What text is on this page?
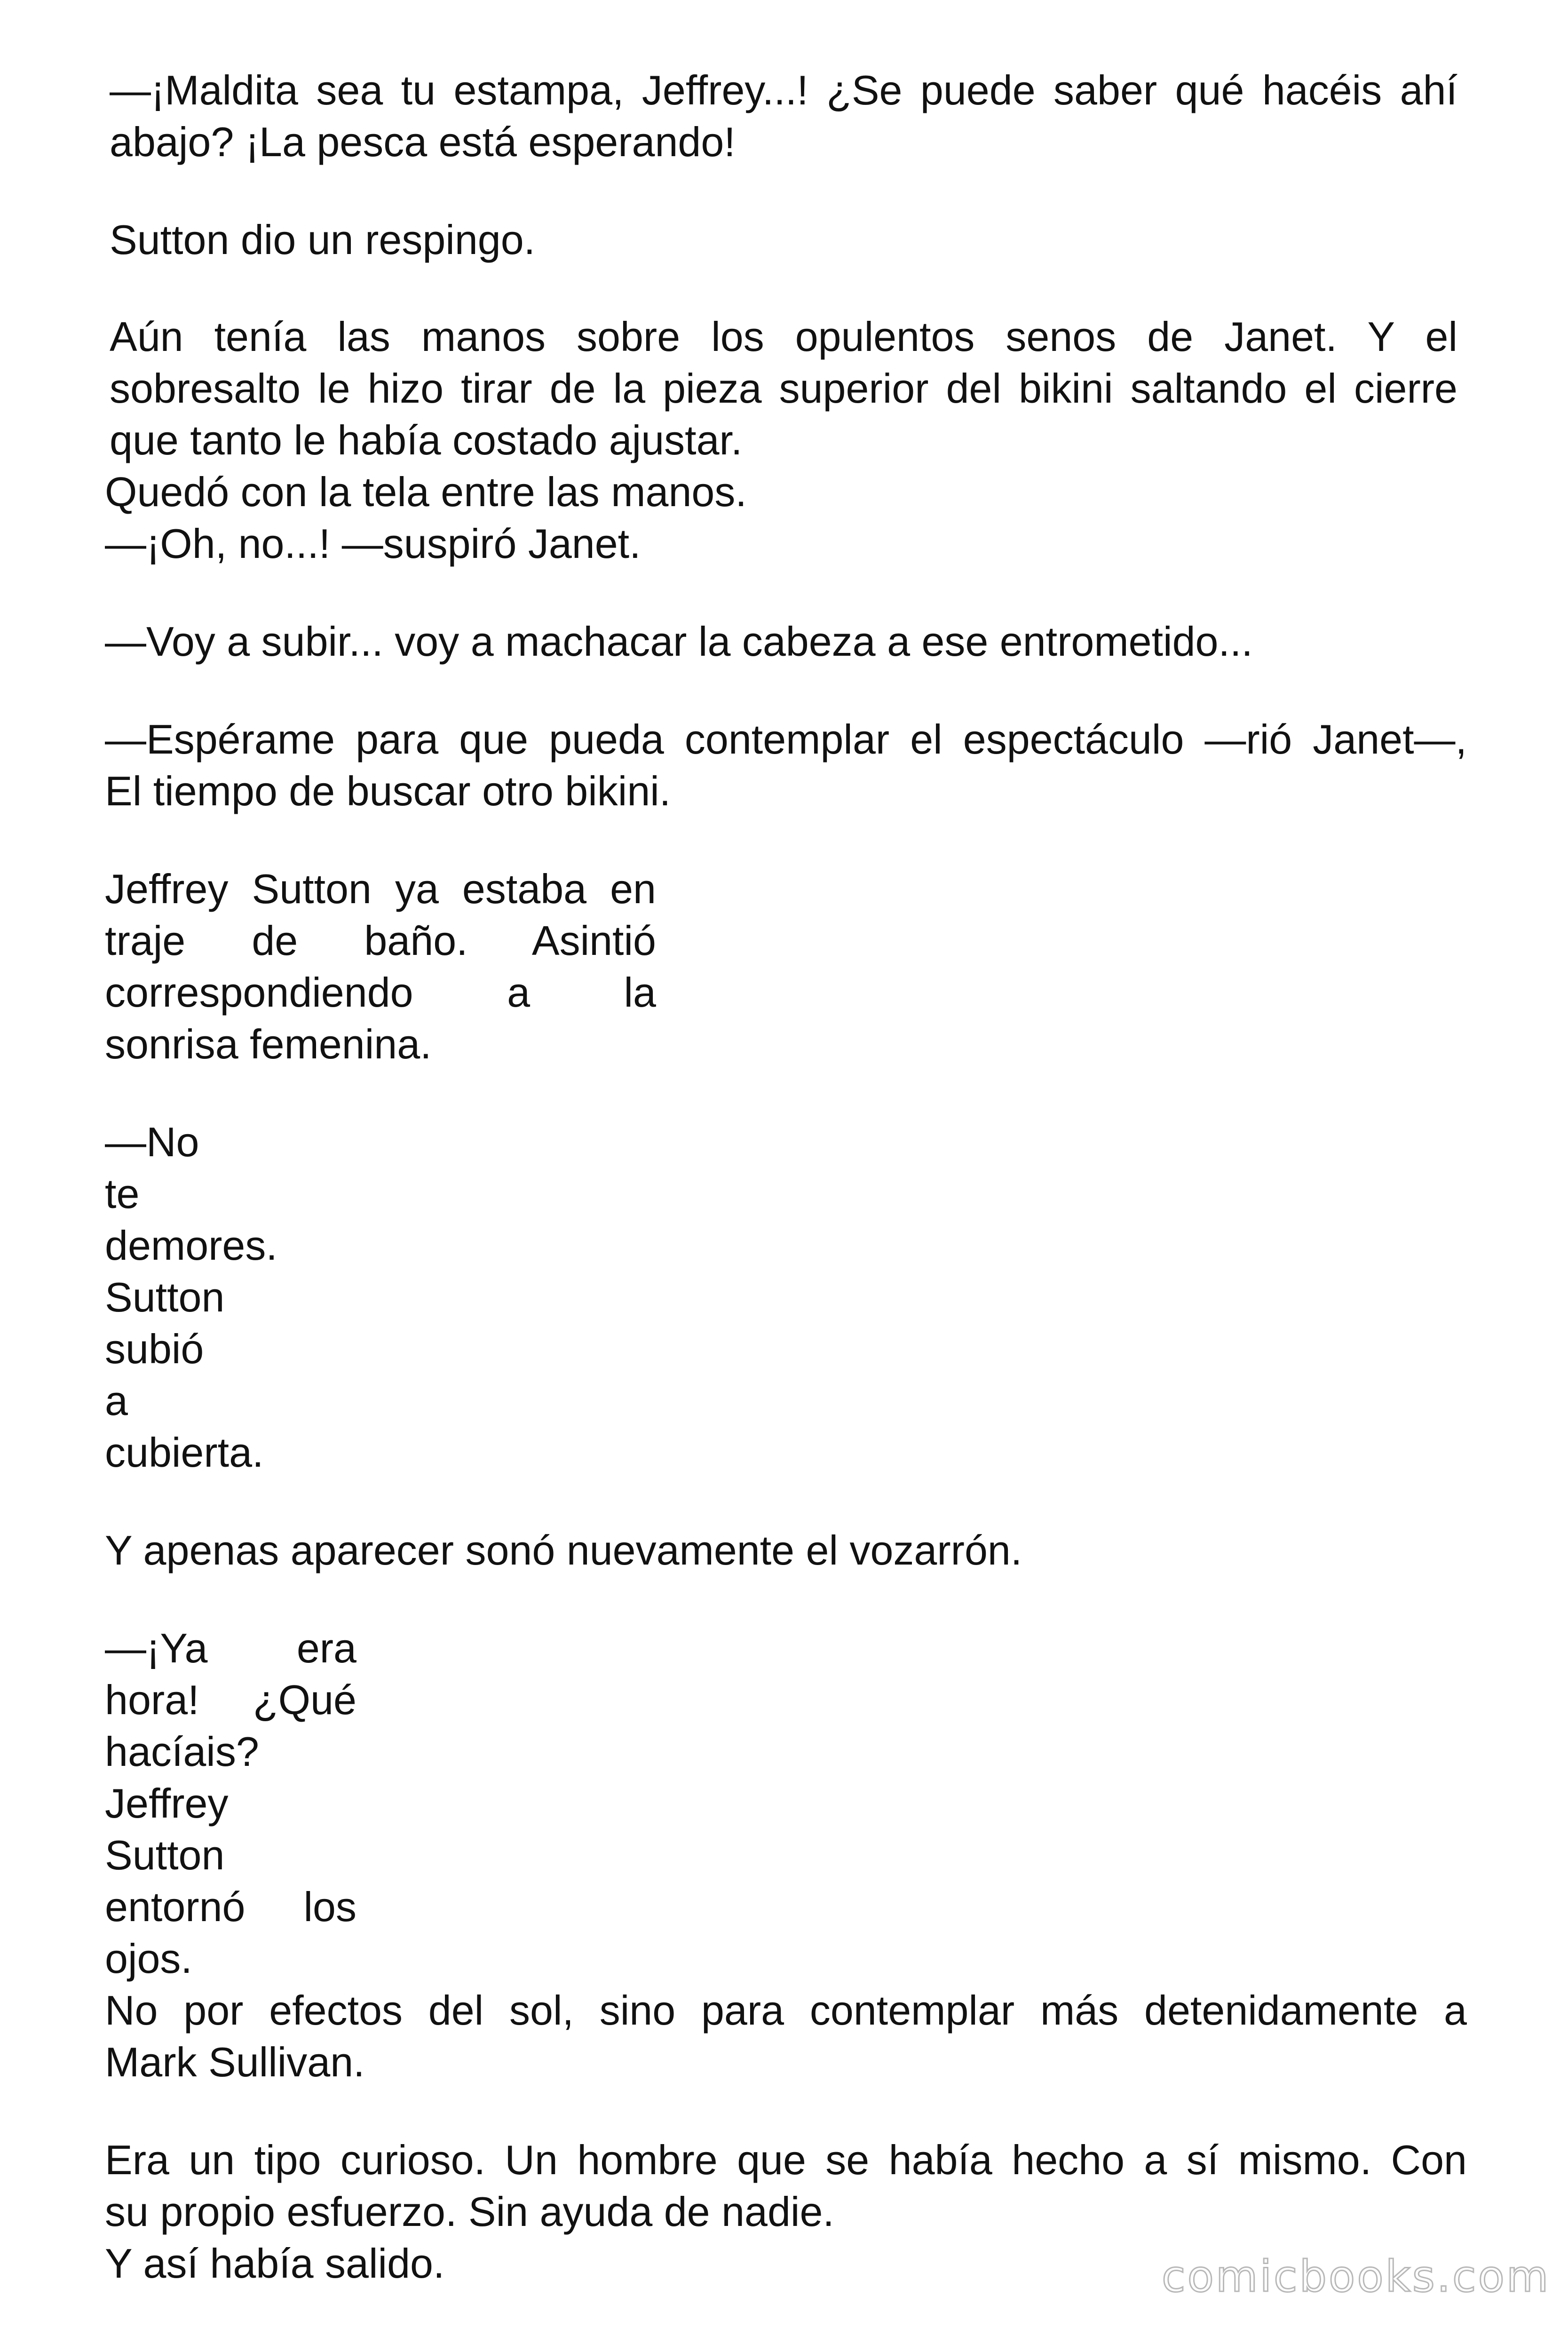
—¡Maldita sea tu estampa, Jeffrey...! ¿Se puede saber qué hacéis ahí

abajo? ¡La pesca está esperando!

Sutton dio un respingo.

Aún tenía las manos sobre los opulentos senos de Janet. Y el

sobresalto le hizo tirar de la pieza superior del bikini saltando el cierre

que tanto le había costado ajustar.

Quedó con la tela entre las manos.

—¡Oh, no...! —suspiró Janet.

—Voy a subir... voy a machacar la cabeza a ese entrometido...

—Espérame para que pueda contemplar el espectáculo —rió Janet—,

El tiempo de buscar otro bikini.

Jeffrey Sutton ya estaba en

traje de baño. Asintió

correspondiendo a la

sonrisa femenina.

—No

te

demores.

Sutton

subió

a

cubierta.

Y apenas aparecer sonó nuevamente el vozarrón.

—¡Ya era

hora! ¿Qué

hacíais?

Jeffrey

Sutton

entornó los

ojos.

No por efectos del sol, sino para contemplar más detenidamente a

Mark Sullivan.

Era un tipo curioso. Un hombre que se había hecho a sí mismo. Con

su propio esfuerzo. Sin ayuda de nadie.

Y así había salido.	comicbooks.com
